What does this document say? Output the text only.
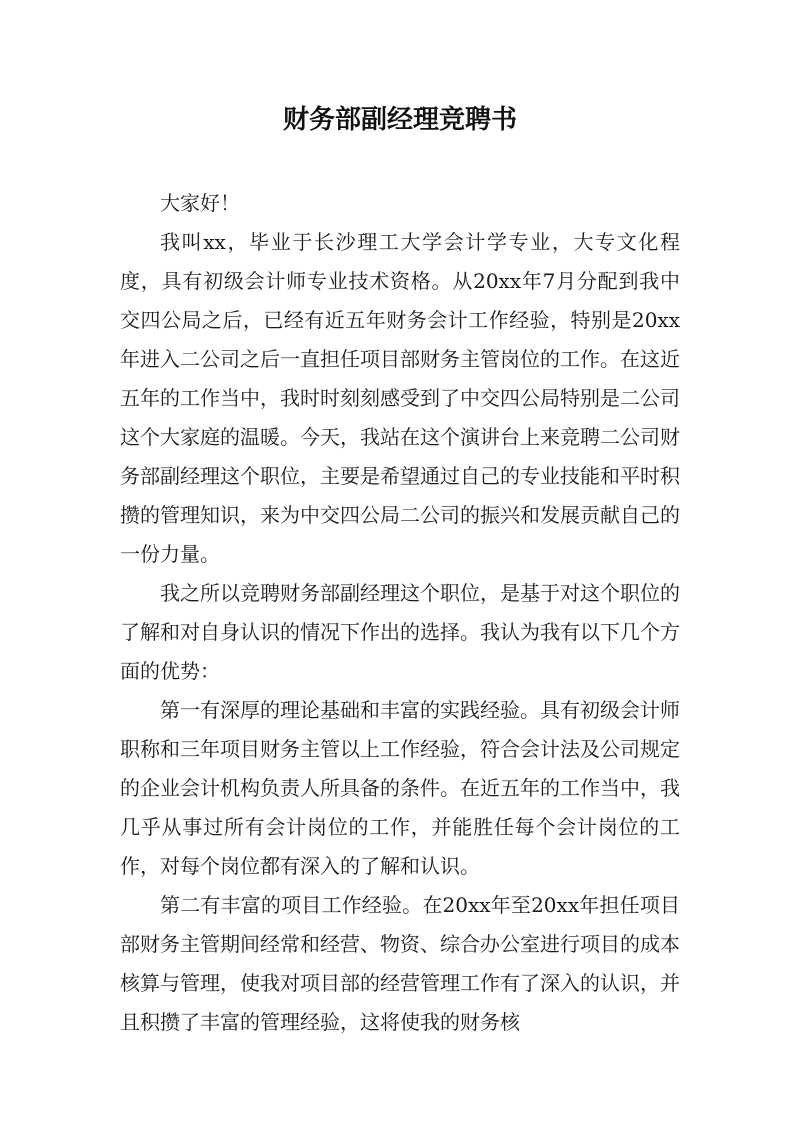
财务部副经理竞聘书

大家好！

我叫xx，毕业于长沙理工大学会计学专业，大专文化程度，具有初级会计师专业技术资格。从20xx年7月分配到我中交四公局之后，已经有近五年财务会计工作经验，特别是20xx年进入二公司之后一直担任项目部财务主管岗位的工作。在这近五年的工作当中，我时时刻刻感受到了中交四公局特别是二公司这个大家庭的温暖。今天，我站在这个演讲台上来竞聘二公司财务部副经理这个职位，主要是希望通过自己的专业技能和平时积攒的管理知识，来为中交四公局二公司的振兴和发展贡献自己的一份力量。

我之所以竞聘财务部副经理这个职位，是基于对这个职位的了解和对自身认识的情况下作出的选择。我认为我有以下几个方面的优势：

第一有深厚的理论基础和丰富的实践经验。具有初级会计师职称和三年项目财务主管以上工作经验，符合会计法及公司规定的企业会计机构负责人所具备的条件。在近五年的工作当中，我几乎从事过所有会计岗位的工作，并能胜任每个会计岗位的工作，对每个岗位都有深入的了解和认识。

第二有丰富的项目工作经验。在20xx年至20xx年担任项目部财务主管期间经常和经营、物资、综合办公室进行项目的成本核算与管理，使我对项目部的经营管理工作有了深入的认识，并且积攒了丰富的管理经验，这将使我的财务核
